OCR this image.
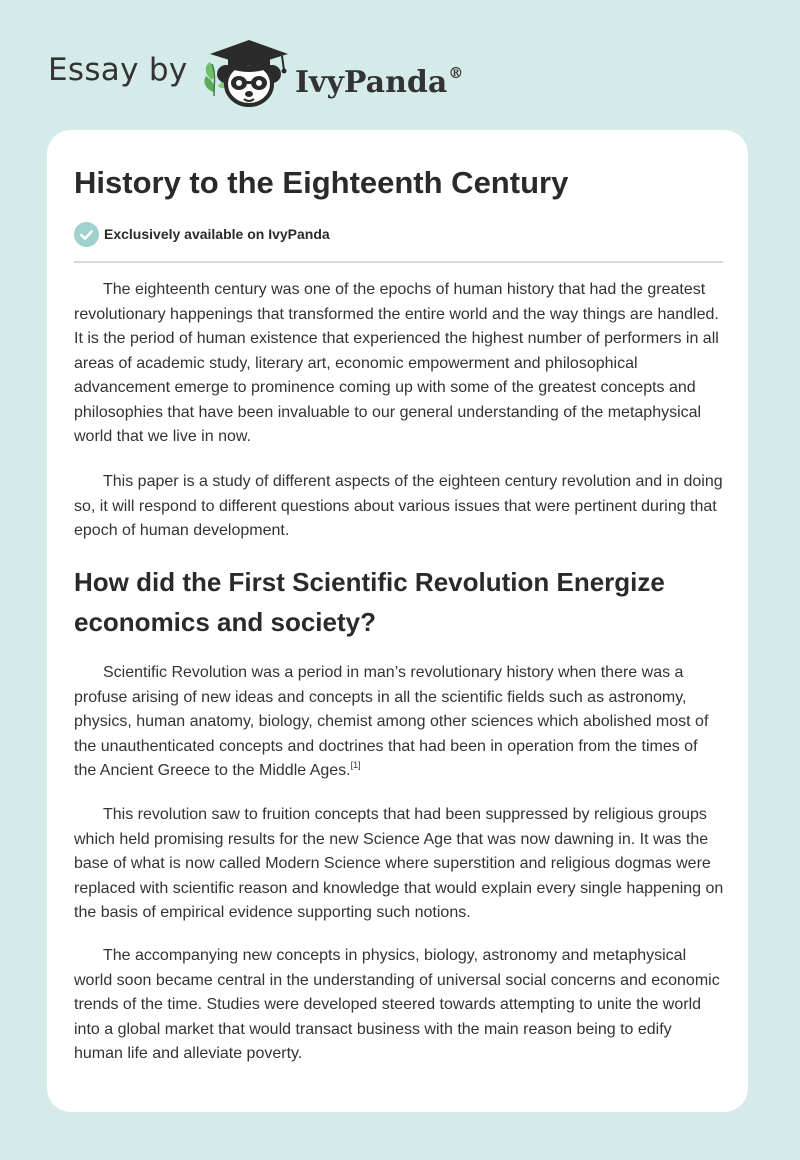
Essay by	IvyPanda®
History to the Eighteenth Century
Exclusively available on IvyPanda

The eighteenth century was one of the epochs of human history that had the greatest revolutionary happenings that transformed the entire world and the way things are handled. It is the period of human existence that experienced the highest number of performers in all areas of academic study, literary art, economic empowerment and philosophical advancement emerge to prominence coming up with some of the greatest concepts and philosophies that have been invaluable to our general understanding of the metaphysical world that we live in now.

This paper is a study of different aspects of the eighteen century revolution and in doing so, it will respond to different questions about various issues that were pertinent during that epoch of human development.

How did the First Scientific Revolution Energize economics and society?

Scientific Revolution was a period in man’s revolutionary history when there was a profuse arising of new ideas and concepts in all the scientific fields such as astronomy, physics, human anatomy, biology, chemist among other sciences which abolished most of the unauthenticated concepts and doctrines that had been in operation from the times of the Ancient Greece to the Middle Ages.[1]

This revolution saw to fruition concepts that had been suppressed by religious groups which held promising results for the new Science Age that was now dawning in. It was the base of what is now called Modern Science where superstition and religious dogmas were replaced with scientific reason and knowledge that would explain every single happening on the basis of empirical evidence supporting such notions.

The accompanying new concepts in physics, biology, astronomy and metaphysical world soon became central in the understanding of universal social concerns and economic trends of the time. Studies were developed steered towards attempting to unite the world into a global market that would transact business with the main reason being to edify human life and alleviate poverty.
